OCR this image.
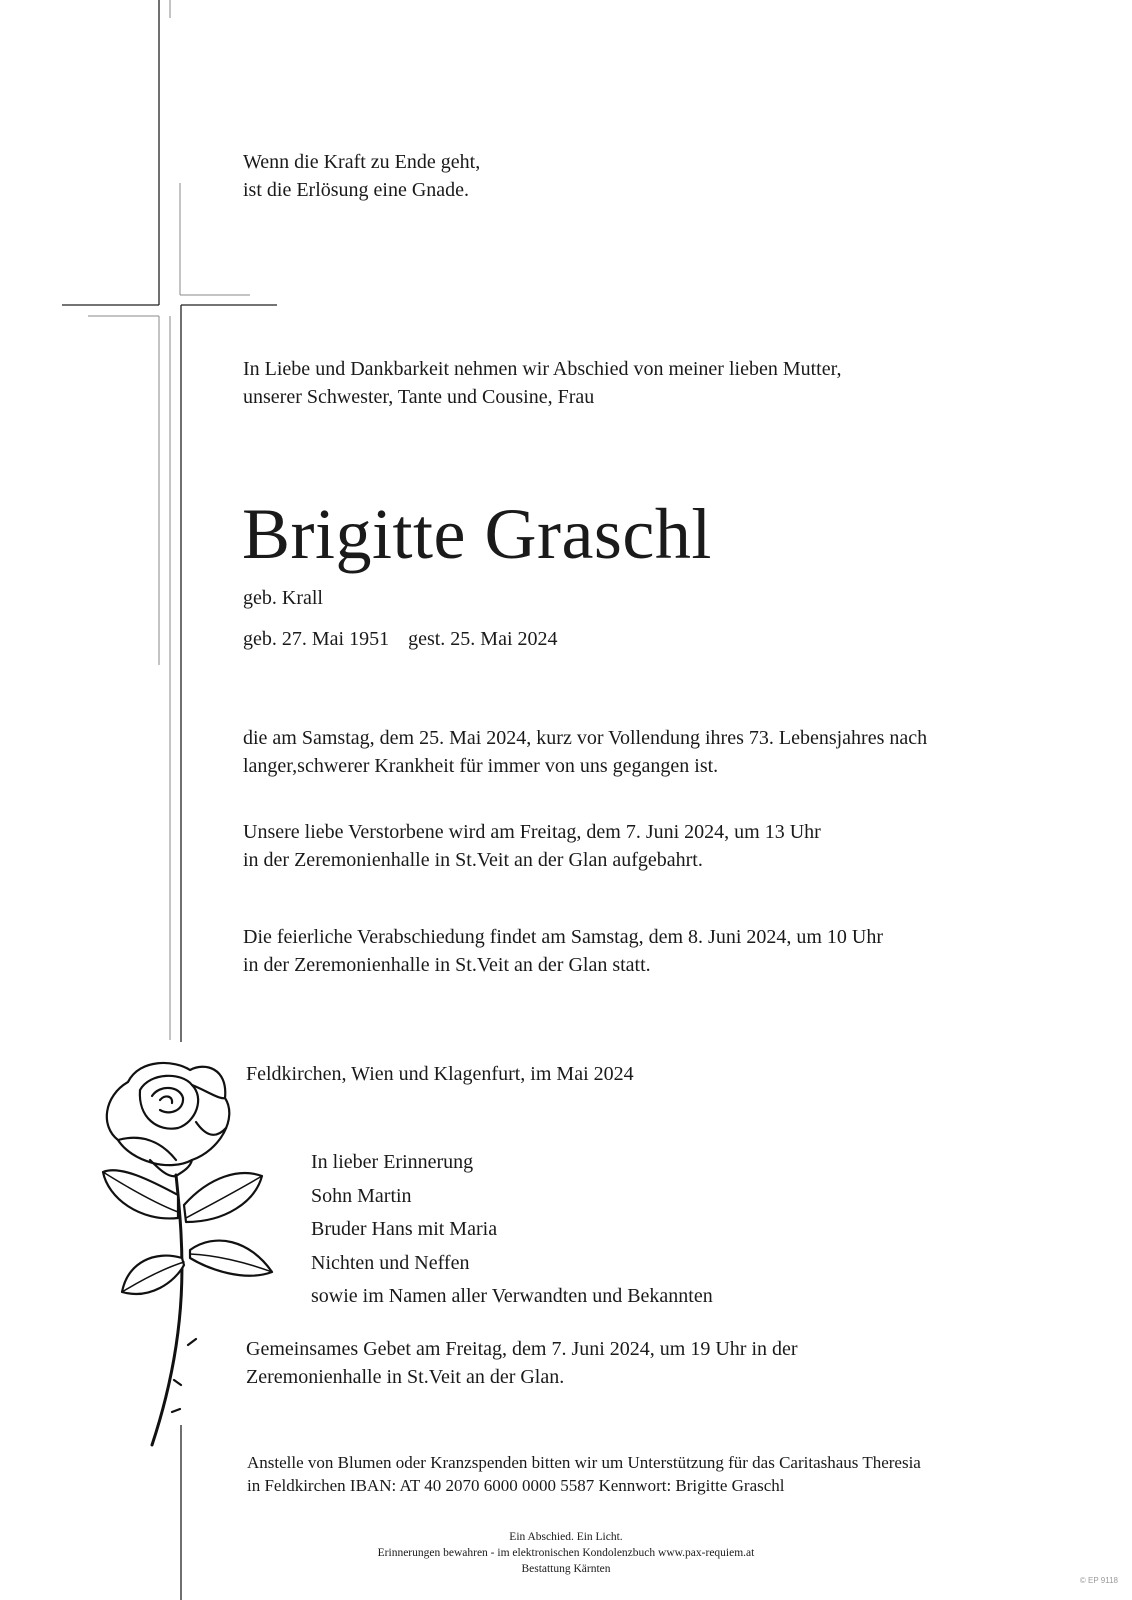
Wenn die Kraft zu Ende geht,
ist die Erlösung eine Gnade.
In Liebe und Dankbarkeit nehmen wir Abschied von meiner lieben Mutter,
unserer Schwester, Tante und Cousine, Frau
Brigitte Graschl
geb. Krall
geb. 27. Mai 1951 gest. 25. Mai 2024
die am Samstag, dem 25. Mai 2024, kurz vor Vollendung ihres 73. Lebensjahres nach
langer,schwerer Krankheit für immer von uns gegangen ist.
Unsere liebe Verstorbene wird am Freitag, dem 7. Juni 2024, um 13 Uhr
in der Zeremonienhalle in St.Veit an der Glan aufgebahrt.
Die feierliche Verabschiedung findet am Samstag, dem 8. Juni 2024, um 10 Uhr
in der Zeremonienhalle in St.Veit an der Glan statt.
Feldkirchen, Wien und Klagenfurt, im Mai 2024
In lieber Erinnerung
Sohn Martin
Bruder Hans mit Maria
Nichten und Neffen
sowie im Namen aller Verwandten und Bekannten
Gemeinsames Gebet am Freitag, dem 7. Juni 2024, um 19 Uhr in der
Zeremonienhalle in St.Veit an der Glan.
Anstelle von Blumen oder Kranzspenden bitten wir um Unterstützung für das Caritashaus Theresia
in Feldkirchen IBAN: AT 40 2070 6000 0000 5587 Kennwort: Brigitte Graschl
Ein Abschied. Ein Licht.
Erinnerungen bewahren - im elektronischen Kondolenzbuch www.pax-requiem.at
Bestattung Kärnten
© EP 9118
